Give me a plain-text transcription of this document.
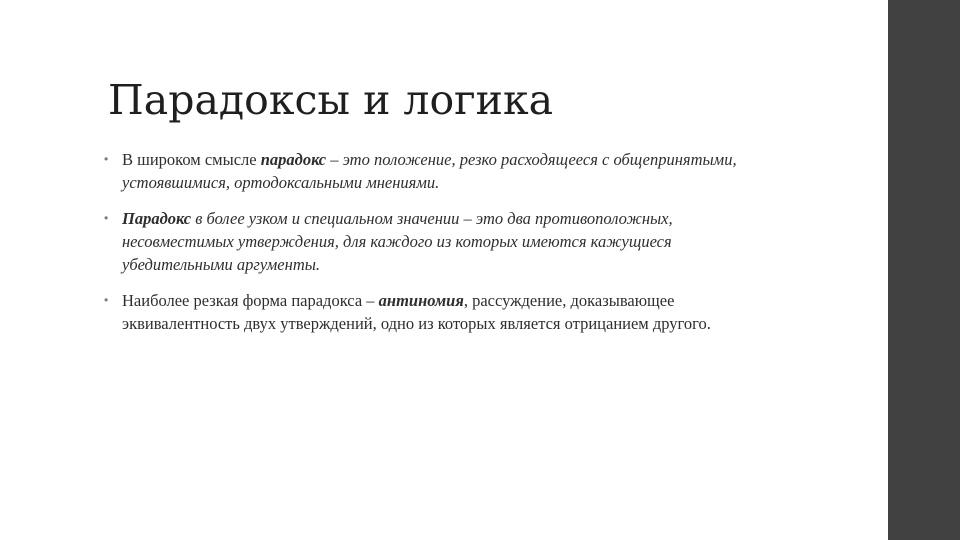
Парадоксы и логика
• В широком смысле парадокс – это положение, резко расходящееся с общепринятыми, устоявшимися, ортодоксальными мнениями.
• Парадокс в более узком и специальном значении – это два противоположных, несовместимых утверждения, для каждого из которых имеются кажущиеся убедительными аргументы.
• Наиболее резкая форма парадокса – антиномия, рассуждение, доказывающее эквивалентность двух утверждений, одно из которых является отрицанием другого.
